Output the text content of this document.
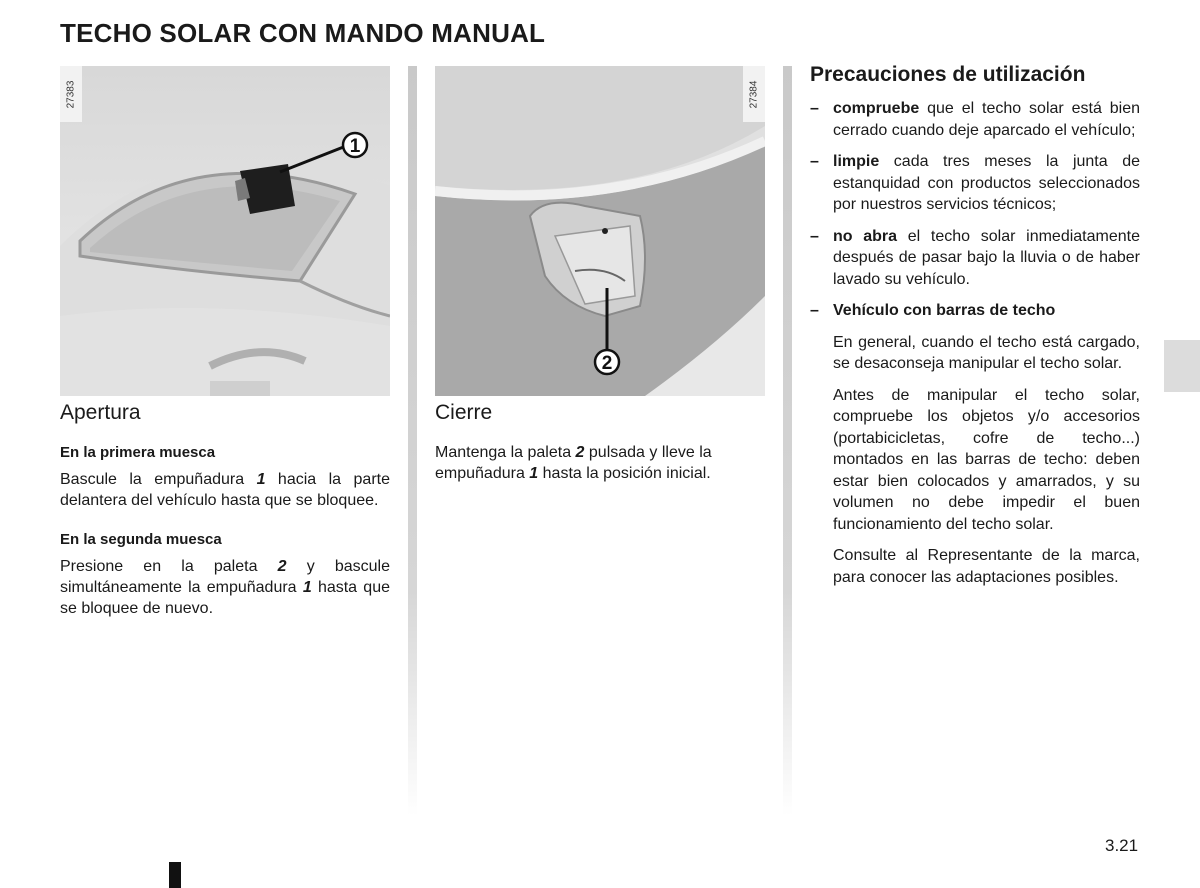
TECHO SOLAR CON MANDO MANUAL
1
27383
2
27384
Apertura
En la primera muesca

Bascule la empuñadura 1 hacia la parte delantera del vehículo hasta que se bloquee.

En la segunda muesca

Presione en la paleta 2 y bascule simultáneamente la empuñadura 1 hasta que se bloquee de nuevo.

Cierre

Mantenga la paleta 2 pulsada y lleve la empuñadura 1 hasta la posición inicial.

Precauciones de utilización
– compruebe que el techo solar está bien cerrado cuando deje aparcado el vehículo;
– limpie cada tres meses la junta de estanquidad con productos seleccionados por nuestros servicios técnicos;
– no abra el techo solar inmediatamente después de pasar bajo la lluvia o de haber lavado su vehículo.
– Vehículo con barras de techo

En general, cuando el techo está cargado, se desaconseja manipular el techo solar.

Antes de manipular el techo solar, compruebe los objetos y/o accesorios (portabicicletas, cofre de techo...) montados en las barras de techo: deben estar bien colocados y amarrados, y su volumen no debe impedir el buen funcionamiento del techo solar.

Consulte al Representante de la marca, para conocer las adaptaciones posibles.

3.21
